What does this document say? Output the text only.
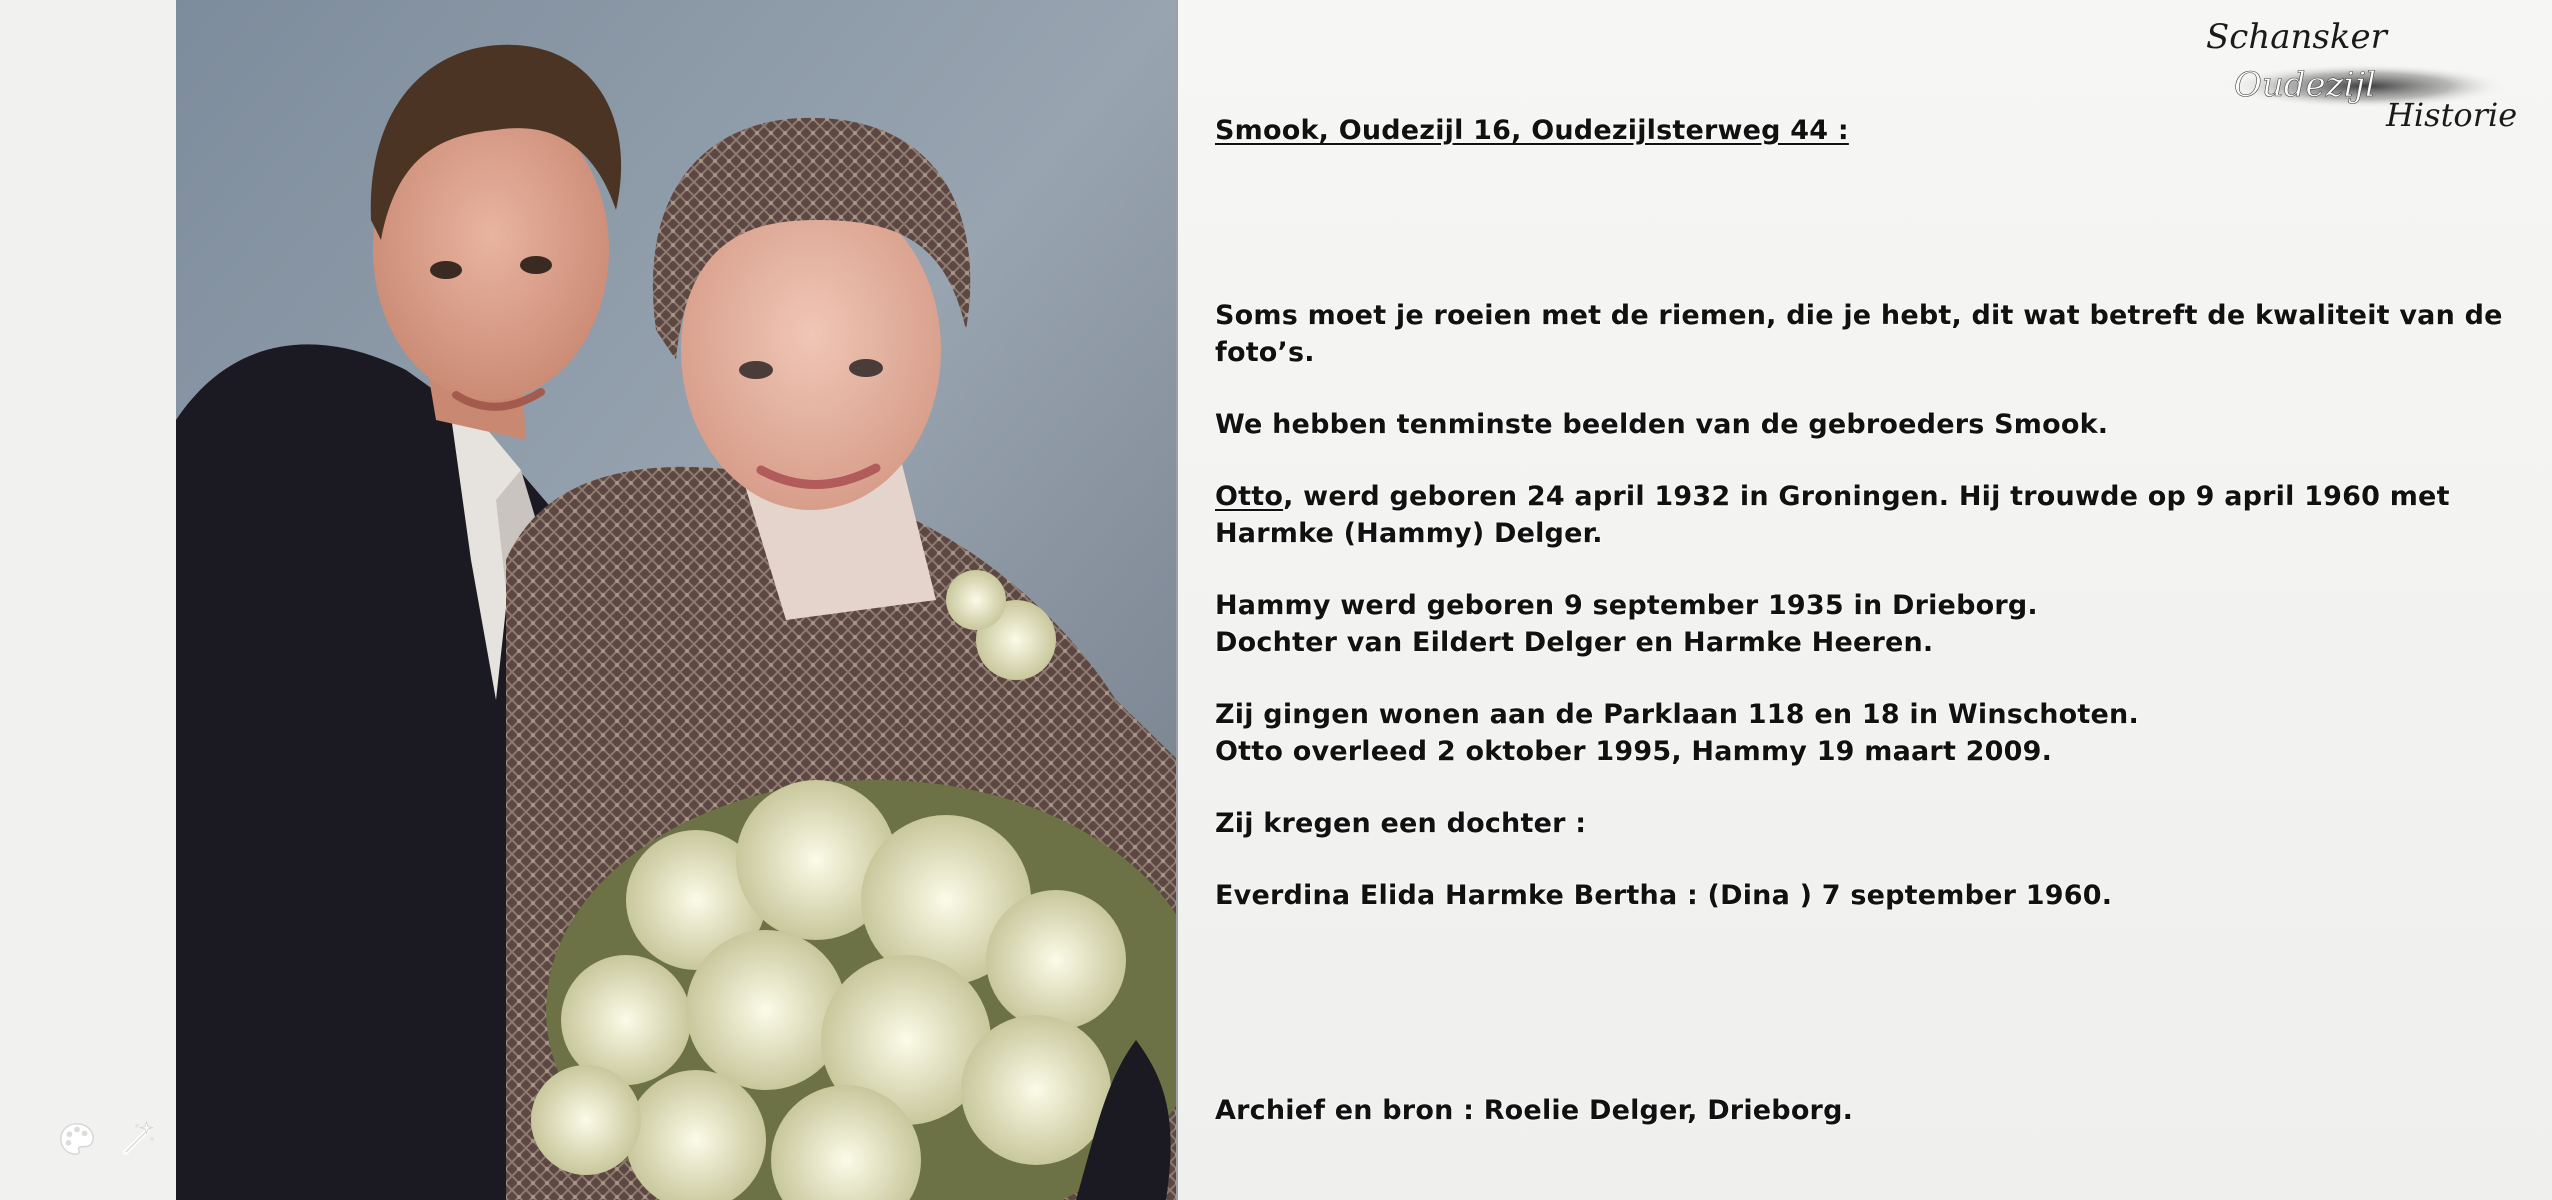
Smook, Oudezijl 16, Oudezijlsterweg 44 :

Soms moet je roeien met de riemen, die je hebt, dit wat betreft de kwaliteit van de foto’s.

We hebben tenminste beelden van de gebroeders Smook.

Otto, werd geboren 24 april 1932 in Groningen. Hij trouwde op 9 april 1960 met

Harmke (Hammy) Delger.

Hammy werd geboren 9 september 1935 in Drieborg.

Dochter van Eildert Delger en Harmke Heeren.

Zij gingen wonen aan de Parklaan 118 en 18 in Winschoten.

Otto overleed 2 oktober 1995, Hammy 19 maart 2009.

Zij kregen een dochter :

Everdina Elida Harmke Bertha : (Dina ) 7 september 1960.

Archief en bron : Roelie Delger, Drieborg.

Schansker
Oudezijl
Historie
